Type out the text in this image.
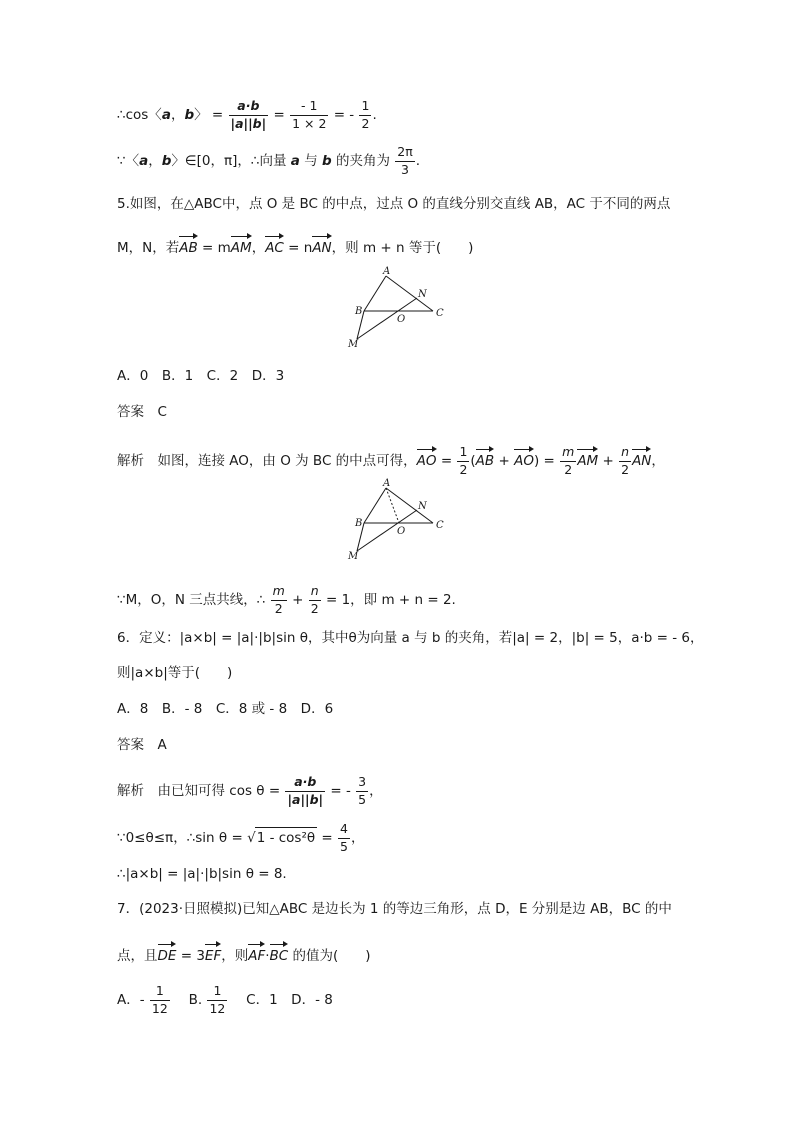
∴cos〈a，b〉 = $\frac{a\cdot b}{|a||b|} = \frac{- 1}{1 \times 2}$ = - $\frac{1}{2}$ .
∵〈a，b〉∈[0，π]，∴向量 a 与 b 的夹角为 $\frac{2\pi}{3}$ .
5.如图，在△ABC中，点 O 是 BC 的中点，过点 O 的直线分别交直线 AB，AC 于不同的两点
M，N，若AB = mAM，AC = nAN，则 m + n 等于(　　)
A
B	C
N
O
M
A．0　B．1　C．2　D．3
答案　 C
解析　 如图，连接 AO，由 O 为 BC 的中点可得，AO = $\frac{1}{2} (AB + AO) = \frac{m}{2}$ AM + $\frac{n}{2}$ AN，
A
B	C
N
O
M
∵M，O，N 三点共线，∴ $\frac{m}{2} + \frac{n}{2} = 1$，即 m + n = 2.
6．定义：|a×b| = |a|·|b|sin θ，其中θ为向量 a 与 b 的夹角，若|a| = 2，|b| = 5，a·b = - 6，
则|a×b|等于(　　)
A．8　B．- 8　C．8 或 - 8　D．6
答案　 A
解析　 由已知可得 $\cos \theta = \frac{a\cdot b}{|a||b|}$ = - $\frac{3}{5}$ ，
∵0≤θ≤π，∴sin $\theta = √1 - \cos^2\theta = \frac{4}{5}$ ，
∴|a×b| = |a|·|b|sin θ = 8.
7．(2023·日照模拟)已知△ABC 是边长为 1 的等边三角形，点 D，E 分别是边 AB，BC 的中
点，且DE = 3EF，则AF·BC 的值为(　　)
A．- $\frac{1}{12}$ 　B. $\frac{1}{12}$ 　C．1　D．- 8
